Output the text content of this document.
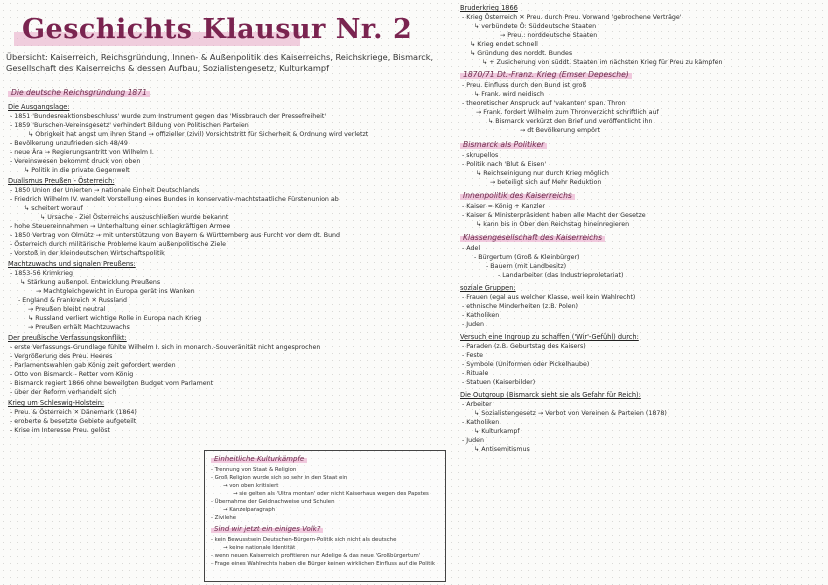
Geschichts Klausur Nr. 2
Übersicht: Kaiserreich, Reichsgründung, Innen- & Außenpolitik des Kaiserreichs, Reichskriege, Bismarck, Gesellschaft des Kaiserreichs & dessen Aufbau, Sozialistengesetz, Kulturkampf
Die deutsche Reichsgründung 1871
Die Ausgangslage:
- 1851 'Bundesreaktionsbeschluss' wurde zum Instrument gegen das 'Missbrauch der Pressefreiheit'
- 1859 'Burschen-Vereinsgesetz' verhindert Bildung von Politischen Parteien
↳ Obrigkeit hat angst um ihren Stand → offizieller (zivil) Vorsichtstritt für Sicherheit & Ordnung wird verletzt
- Bevölkerung unzufrieden sich 48/49
- neue Ära → Regierungsantritt von Wilhelm I.
- Vereinswesen bekommt druck von oben
↳ Politik in die private Gegenwelt
Dualismus Preußen - Österreich:
- 1850 Union der Unierten → nationale Einheit Deutschlands
- Friedrich Wilhelm IV. wandelt Vorstellung eines Bundes in konservativ-machtstaatliche Fürstenunion ab
↳ scheitert worauf
↳ Ursache - Ziel Österreichs auszuschließen wurde bekannt
- hohe Steuereinnahmen → Unterhaltung einer schlagkräftigen Armee
- 1850 Vertrag von Olmütz → mit unterstützung von Bayern & Württemberg aus Furcht vor dem dt. Bund
- Österreich durch militärische Probleme kaum außenpolitische Ziele
- Vorstoß in der kleindeutschen Wirtschaftspolitik
Machtzuwachs und signalen Preußens:
- 1853-56 Krimkrieg
↳ Stärkung außenpol. Entwicklung Preußens
→ Machtgleichgewicht in Europa gerät ins Wanken
- England & Frankreich ✕ Russland
→ Preußen bleibt neutral
↳ Russland verliert wichtige Rolle in Europa nach Krieg
→ Preußen erhält Machtzuwachs
Der preußische Verfassungskonflikt:
- erste Verfassungs-Grundlage fühlte Wilhelm I. sich in monarch.-Souveränität nicht angesprochen
- Vergrößerung des Preu. Heeres
- Parlamentswahlen gab König zeit gefordert werden
- Otto von Bismarck - Retter vom König
- Bismarck regiert 1866 ohne beweilgten Budget vom Parlament
- über der Reform verhandelt sich
Krieg um Schleswig-Holstein:
- Preu. & Österreich ✕ Dänemark (1864)
- eroberte & besetzte Gebiete aufgeteilt
- Krise im Interesse Preu. gelöst
Einheitliche Kulturkämpfe
- Trennung von Staat & Religion
- Groß Religion wurde sich so sehr in den Staat ein
→ von oben kritisiert
→ sie gelten als 'Ultra montan' oder nicht Kaiserhaus wegen des Papstes
- Übernahme der Geldnachweise und Schulen
→ Kanzelparagraph
- Zivilehe
Sind wir jetzt ein einiges Volk?
- kein Bewusstsein Deutschen-Bürgern-Politik sich nicht als deutsche
→ keine nationale Identität
- wenn neuen Kaiserreich profitieren nur Adelige & das neue 'Großbürgertum'
- Frage eines Wahlrechts haben die Bürger keinen wirklichen Einfluss auf die Politik
Bruderkrieg 1866
- Krieg Österreich ✕ Preu. durch Preu. Vorwand 'gebrochene Verträge'
↳ verbündete Ö: Süddeutsche Staaten
→ Preu.: norddeutsche Staaten
↳ Krieg endet schnell
↳ Gründung des norddt. Bundes
↳ + Zusicherung von süddt. Staaten im nächsten Krieg für Preu zu kämpfen
1870/71 Dt.-Franz. Krieg (Emser Depesche)
- Preu. Einfluss durch den Bund ist groß
↳ Frank. wird neidisch
- theoretischer Anspruck auf 'vakanten' span. Thron
→ Frank. fordert Wilhelm zum Thronverzicht schriftlich auf
↳ Bismarck verkürzt den Brief und veröffentlicht ihn
→ dt Bevölkerung empört
Bismarck als Politiker
- skrupellos
- Politik nach 'Blut & Eisen'
↳ Reichseinigung nur durch Krieg möglich
→ beteiligt sich auf Mehr Reduktion
Innenpolitik des Kaiserreichs
- Kaiser = König + Kanzler
- Kaiser & Ministerpräsident haben alle Macht der Gesetze
↳ kann bis in Ober den Reichstag hineinregieren
Klassengesellschaft des Kaiserreichs
- Adel
- Bürgertum (Groß & Kleinbürger)
- Bauern (mit Landbesitz)
- Landarbeiter (das Industrieproletariat)
soziale Gruppen:
- Frauen (egal aus welcher Klasse, weil kein Wahlrecht)
- ethnische Minderheiten (z.B. Polen)
- Katholiken
- Juden
Versuch eine Ingroup zu schaffen ('Wir'-Gefühl) durch:
- Paraden (z.B. Geburtstag des Kaisers)
- Feste
- Symbole (Uniformen oder Pickelhaube)
- Rituale
- Statuen (Kaiserbilder)
Die Outgroup (Bismarck sieht sie als Gefahr für Reich):
- Arbeiter
↳ Sozialistengesetz → Verbot von Vereinen & Parteien (1878)
- Katholiken
↳ Kulturkampf
- Juden
↳ Antisemitismus
